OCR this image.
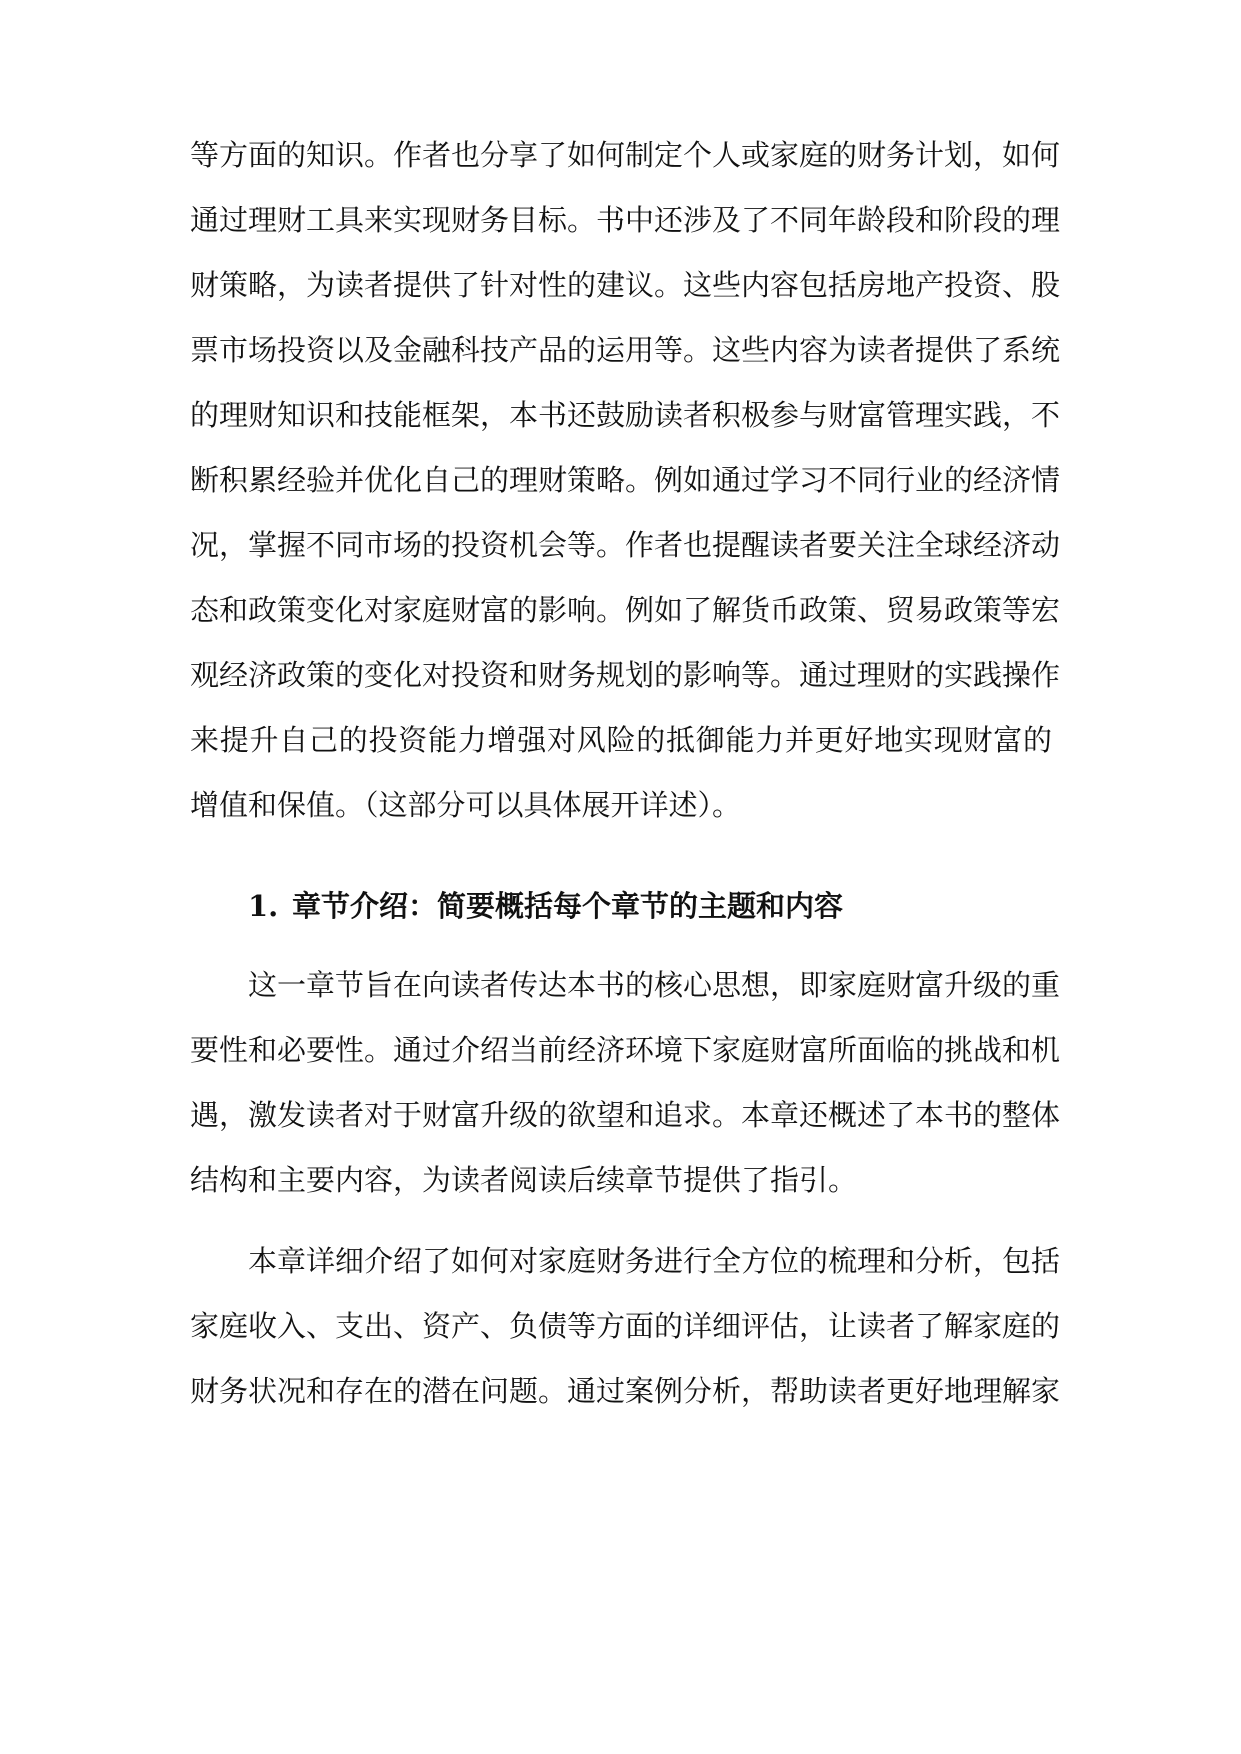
等方面的知识。作者也分享了如何制定个人或家庭的财务计划，如何
通过理财工具来实现财务目标。书中还涉及了不同年龄段和阶段的理
财策略，为读者提供了针对性的建议。这些内容包括房地产投资、股
票市场投资以及金融科技产品的运用等。这些内容为读者提供了系统
的理财知识和技能框架，本书还鼓励读者积极参与财富管理实践，不
断积累经验并优化自己的理财策略。例如通过学习不同行业的经济情
况，掌握不同市场的投资机会等。作者也提醒读者要关注全球经济动
态和政策变化对家庭财富的影响。例如了解货币政策、贸易政策等宏
观经济政策的变化对投资和财务规划的影响等。通过理财的实践操作
来提升自己的投资能力增强对风险的抵御能力并更好地实现财富的
增值和保值。（这部分可以具体展开详述）。
1. 章节介绍：简要概括每个章节的主题和内容
这一章节旨在向读者传达本书的核心思想，即家庭财富升级的重
要性和必要性。通过介绍当前经济环境下家庭财富所面临的挑战和机
遇，激发读者对于财富升级的欲望和追求。本章还概述了本书的整体
结构和主要内容，为读者阅读后续章节提供了指引。
本章详细介绍了如何对家庭财务进行全方位的梳理和分析，包括
家庭收入、支出、资产、负债等方面的详细评估，让读者了解家庭的
财务状况和存在的潜在问题。通过案例分析，帮助读者更好地理解家
